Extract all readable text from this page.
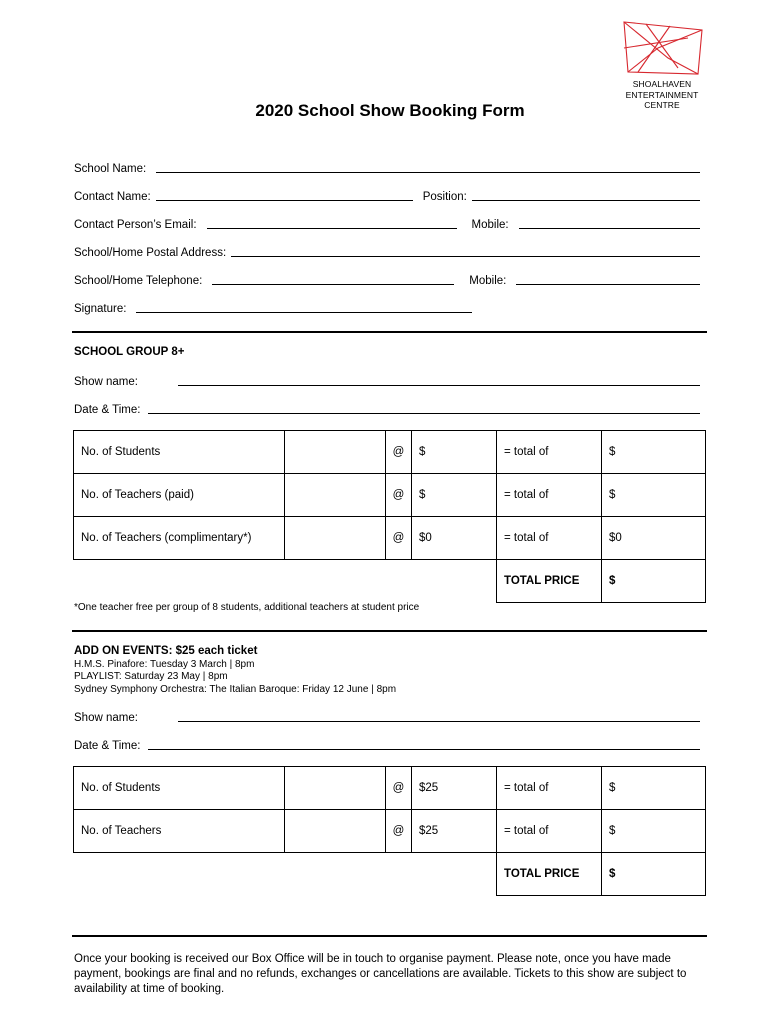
SHOALHAVEN
ENTERTAINMENT
CENTRE
2020 School Show Booking Form
School Name:
Contact Name:	Position:
Contact Person’s Email:	Mobile:
School/Home Postal Address:
School/Home Telephone:	Mobile:
Signature:
SCHOOL GROUP 8+
Show name:
Date & Time:
No. of Students		@	$	= total of	$
No. of Teachers (paid)		@	$	= total of	$
No. of Teachers (complimentary*)		@	$0	= total of	$0
				TOTAL PRICE	$
*One teacher free per group of 8 students, additional teachers at student price
ADD ON EVENTS: $25 each ticket
H.M.S. Pinafore: Tuesday 3 March | 8pm
PLAYLIST: Saturday 23 May | 8pm
Sydney Symphony Orchestra: The Italian Baroque: Friday 12 June | 8pm
Show name:
Date & Time:
No. of Students		@	$25	= total of	$
No. of Teachers		@	$25	= total of	$
				TOTAL PRICE	$
Once your booking is received our Box Office will be in touch to organise payment. Please note, once you have made payment, bookings are final and no refunds, exchanges or cancellations are available. Tickets to this show are subject to availability at time of booking.
